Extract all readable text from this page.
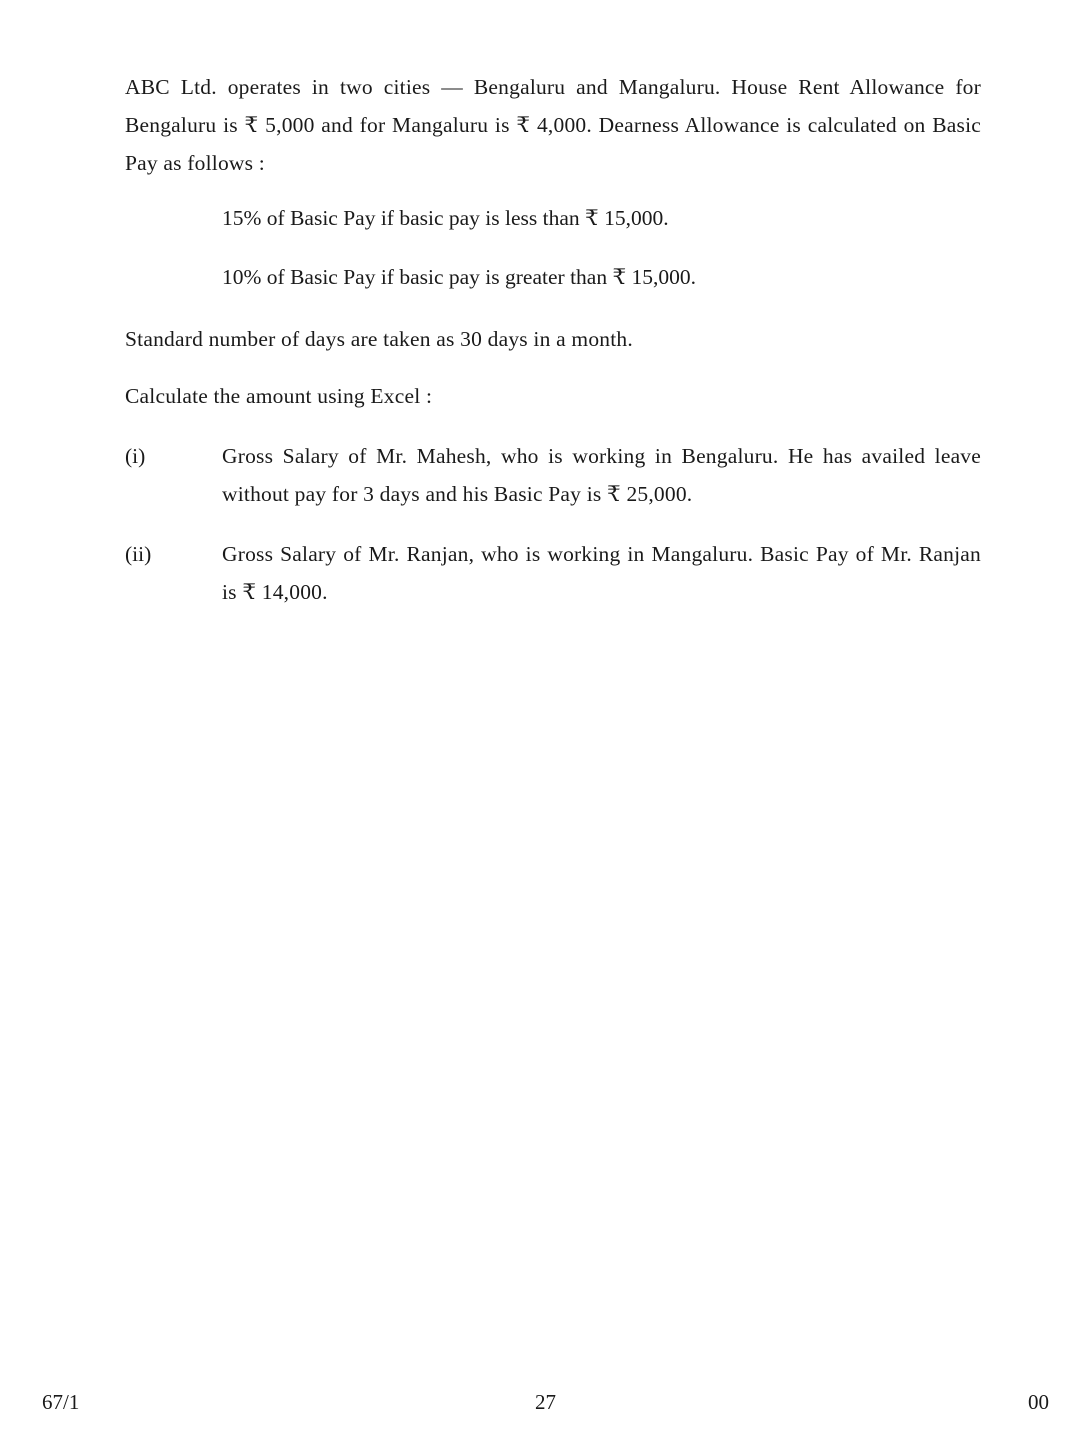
ABC Ltd. operates in two cities — Bengaluru and Mangaluru. House Rent Allowance for Bengaluru is ₹ 5,000 and for Mangaluru is ₹ 4,000. Dearness Allowance is calculated on Basic Pay as follows :

15% of Basic Pay if basic pay is less than ₹ 15,000.

10% of Basic Pay if basic pay is greater than ₹ 15,000.

Standard number of days are taken as 30 days in a month.

Calculate the amount using Excel :

(i)	Gross Salary of Mr. Mahesh, who is working in Bengaluru. He has availed leave without pay for 3 days and his Basic Pay is ₹ 25,000.
(ii)	Gross Salary of Mr. Ranjan, who is working in Mangaluru. Basic Pay of Mr. Ranjan is ₹ 14,000.
67/1	27	00
